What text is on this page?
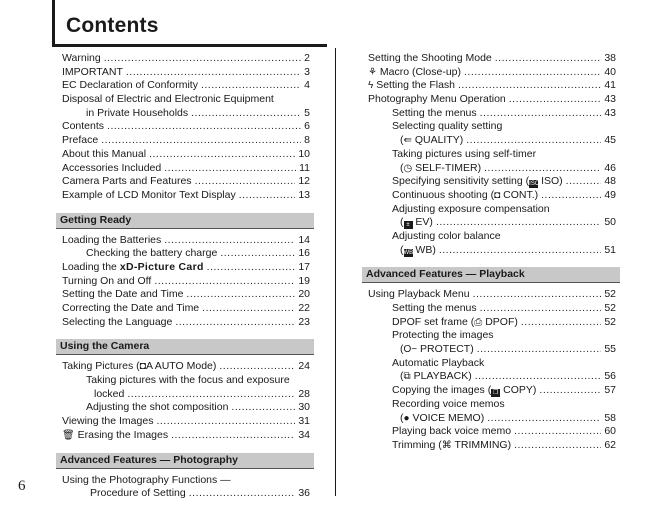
Contents
6
Warning .....	2
IMPORTANT .....	3
EC Declaration of Conformity .....	4
Disposal of Electric and Electronic Equipment
in Private Households .....	5
Contents .....	6
Preface .....	8
About this Manual .....	10
Accessories Included .....	11
Camera Parts and Features .....	12
Example of LCD Monitor Text Display .....	13
Getting Ready
Loading the Batteries .....	14
Checking the battery charge .....	16
Loading the xD-Picture Card .....	17
Turning On and Off .....	19
Setting the Date and Time .....	20
Correcting the Date and Time .....	22
Selecting the Language .....	23
Using the Camera
Taking Pictures (◘A AUTO Mode) .....	24
Taking pictures with the focus and exposure
locked .....	28
Adjusting the shot composition .....	30
Viewing the Images .....	31
🗑︎ Erasing the Images .....	34
Advanced Features — Photography
Using the Photography Functions —
Procedure of Setting .....	36
Setting the Shooting Mode .....	38
⚘ Macro (Close-up) .....	40
ϟ Setting the Flash .....	41
Photography Menu Operation .....	43
Setting the menus .....	43
Selecting quality setting
(⇚ QUALITY) .....	45
Taking pictures using self-timer
(◷ SELF-TIMER) .....	46
Specifying sensitivity setting (ISO ISO) .....	48
Continuous shooting (◘ CONT.) .....	49
Adjusting exposure compensation
( ± EV) .....	50
Adjusting color balance
(WB WB) .....	51
Advanced Features — Playback
Using Playback Menu .....	52
Setting the menus .....	52
DPOF set frame (⎙ DPOF) .....	52
Protecting the images
(O− PROTECT) .....	55
Automatic Playback
(⧉ PLAYBACK) .....	56
Copying the images ( ❐ COPY) .....	57
Recording voice memos
(● VOICE MEMO) .....	58
Playing back voice memo .....	60
Trimming (⌘ TRIMMING) .....	62
